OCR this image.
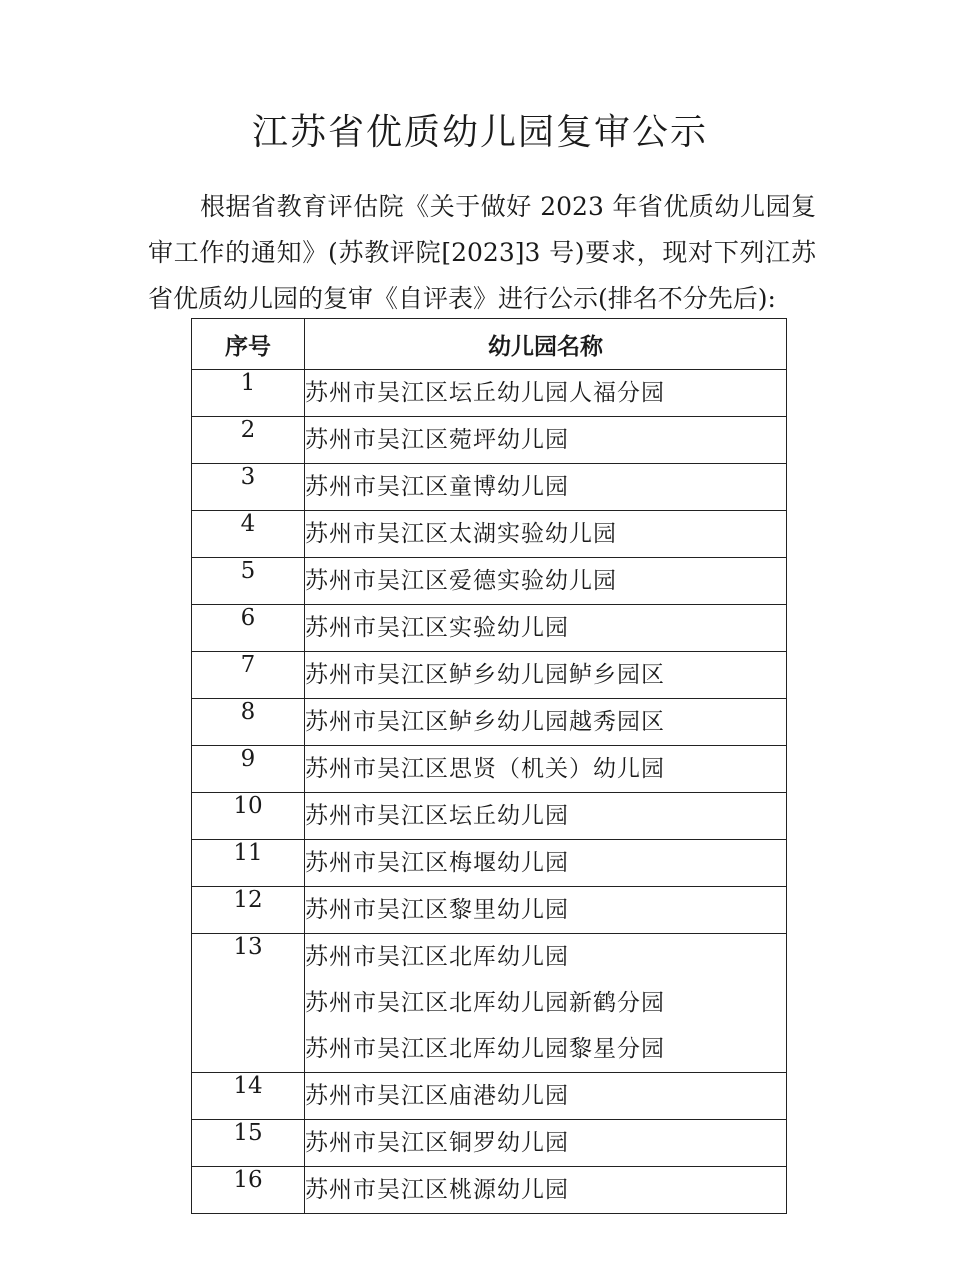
江苏省优质幼儿园复审公示

根据省教育评估院《关于做好 2023 年省优质幼儿园复审工作的通知》(苏教评院[2023]3 号)要求，现对下列江苏省优质幼儿园的复审《自评表》进行公示(排名不分先后):

序号	幼儿园名称
1	苏州市吴江区坛丘幼儿园人福分园

2	苏州市吴江区菀坪幼儿园

3	苏州市吴江区童博幼儿园

4	苏州市吴江区太湖实验幼儿园

5	苏州市吴江区爱德实验幼儿园

6	苏州市吴江区实验幼儿园

7	苏州市吴江区鲈乡幼儿园鲈乡园区

8	苏州市吴江区鲈乡幼儿园越秀园区

9	苏州市吴江区思贤（机关）幼儿园

10	苏州市吴江区坛丘幼儿园

11	苏州市吴江区梅堰幼儿园

12	苏州市吴江区黎里幼儿园

13	苏州市吴江区北厍幼儿园
苏州市吴江区北厍幼儿园新鹤分园
苏州市吴江区北厍幼儿园黎星分园

14	苏州市吴江区庙港幼儿园

15	苏州市吴江区铜罗幼儿园

16	苏州市吴江区桃源幼儿园
